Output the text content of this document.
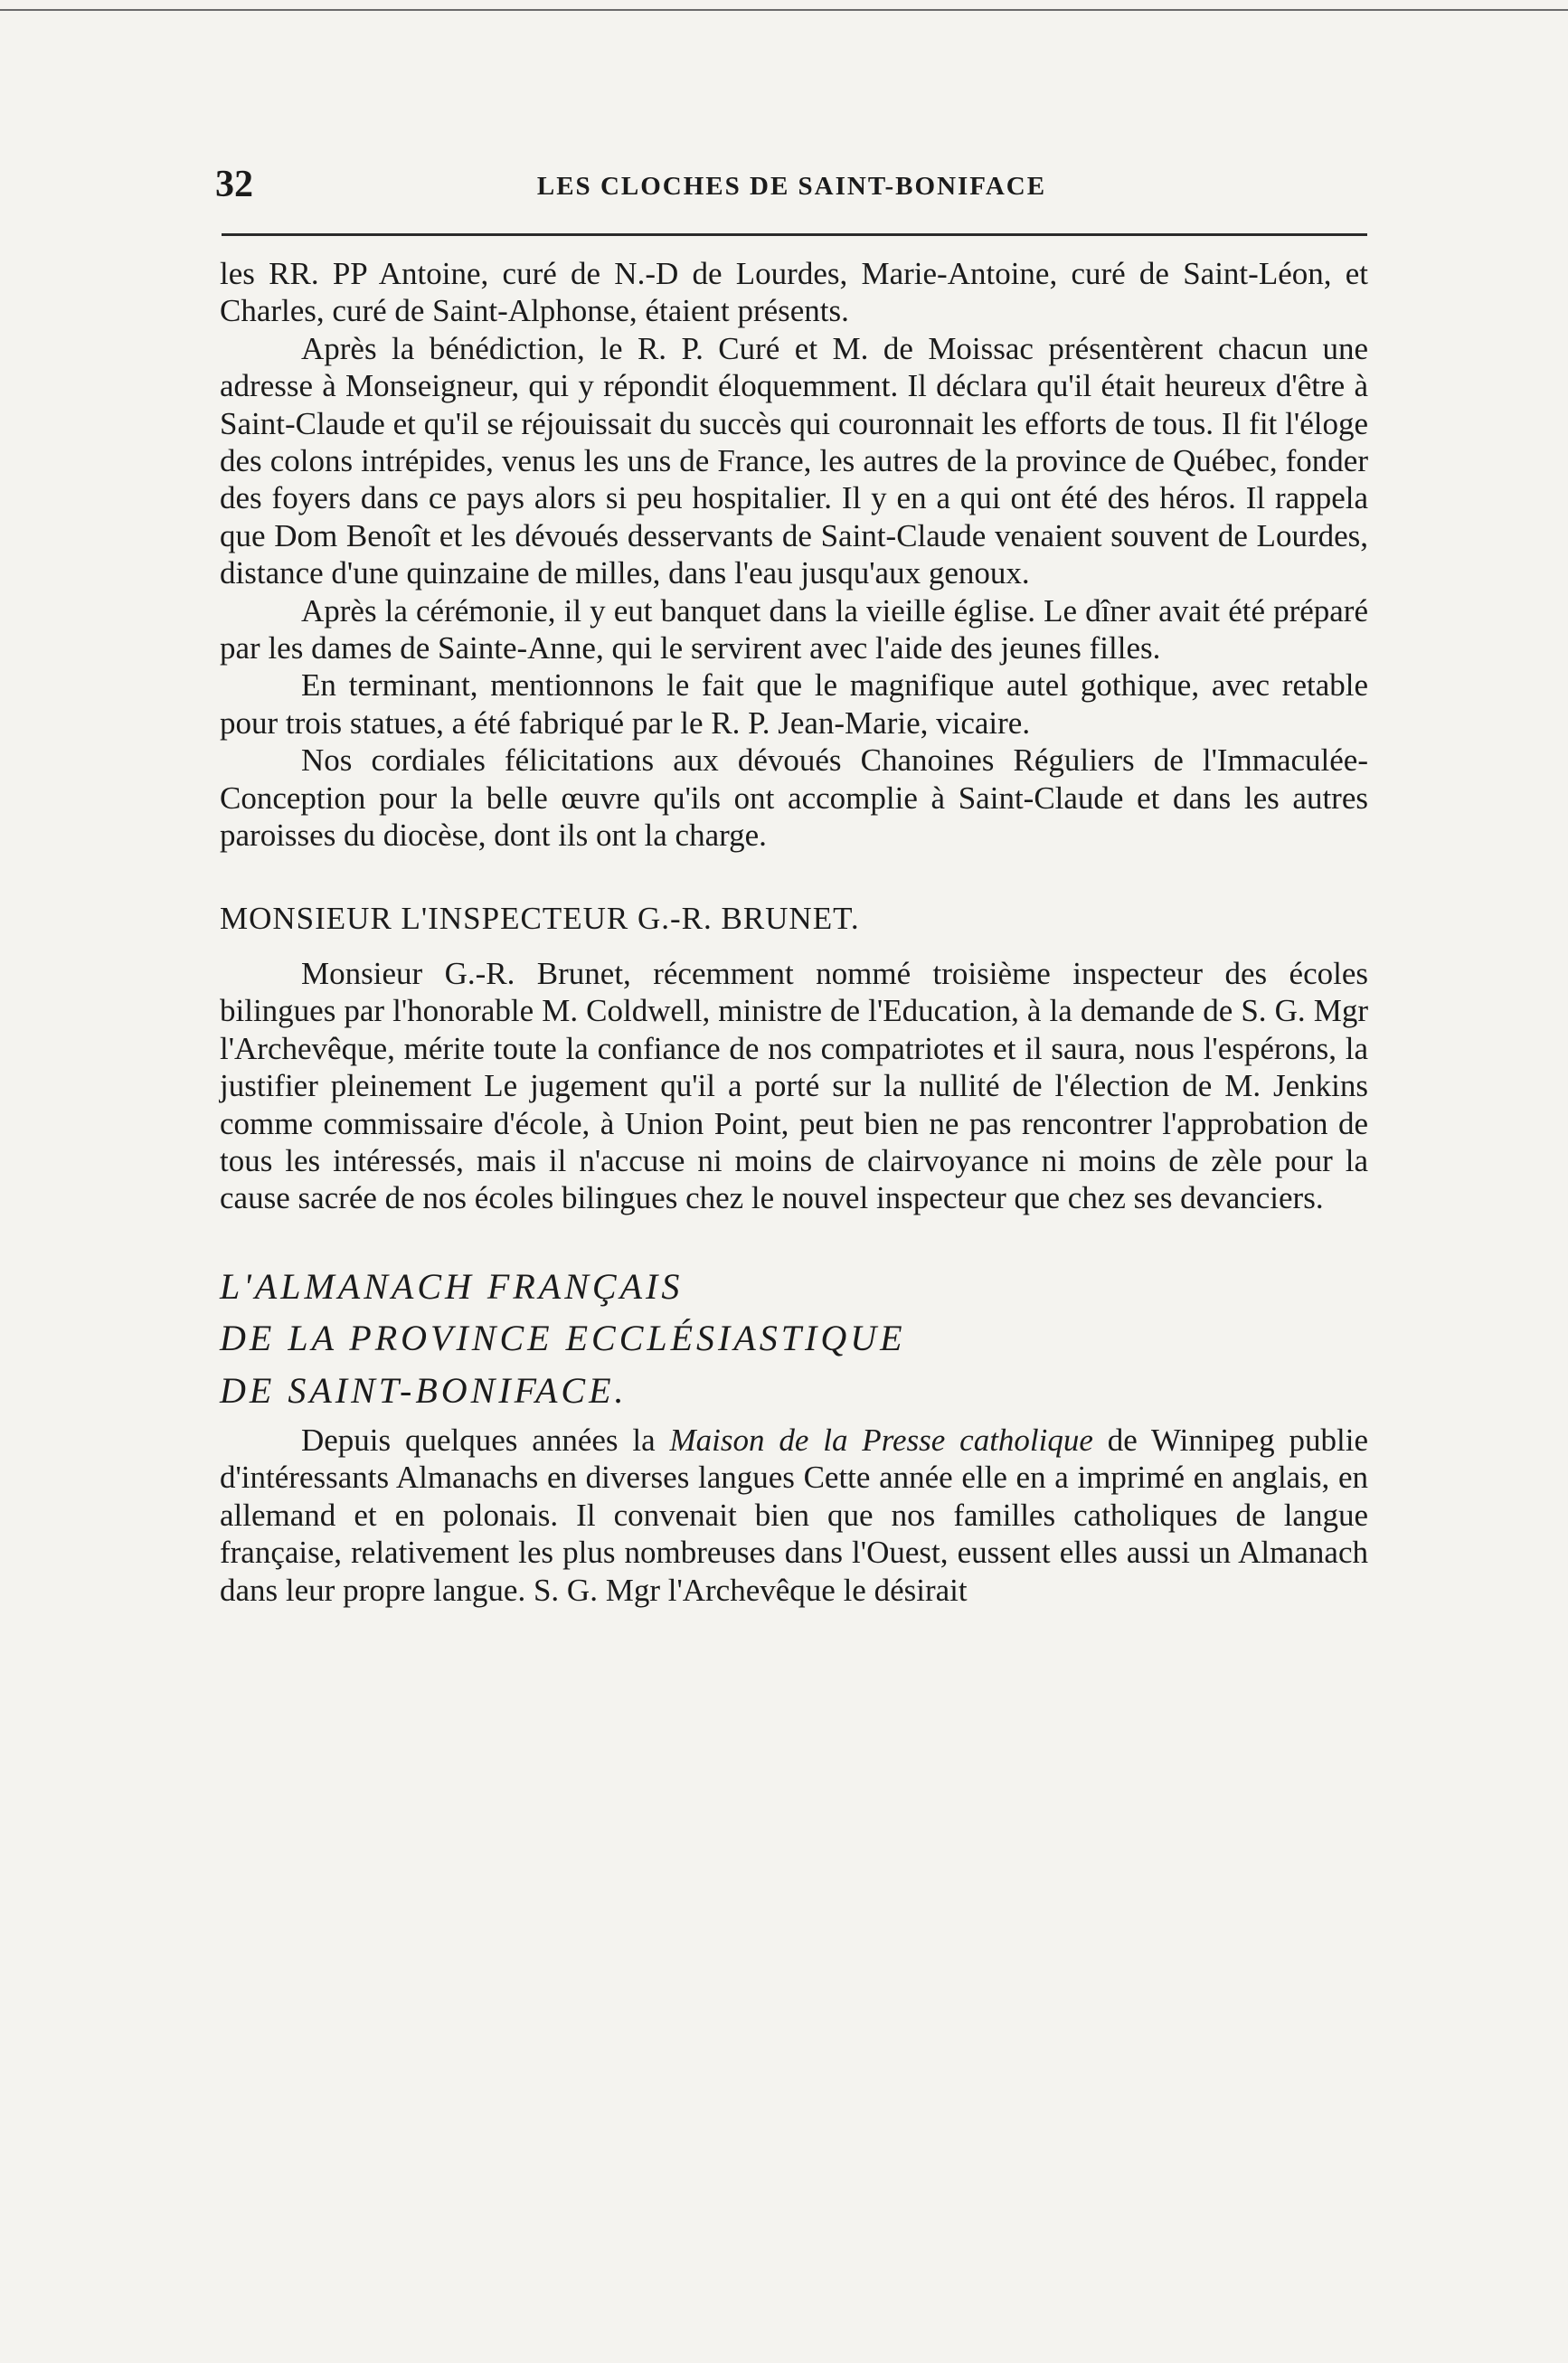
32	LES CLOCHES DE SAINT-BONIFACE

les RR. PP Antoine, curé de N.-D de Lourdes, Marie-Antoine, curé de Saint-Léon, et Charles, curé de Saint-Alphonse, étaient présents.

Après la bénédiction, le R. P. Curé et M. de Moissac présentèrent chacun une adresse à Monseigneur, qui y répondit éloquemment. Il déclara qu'il était heureux d'être à Saint-Claude et qu'il se réjouissait du succès qui couronnait les efforts de tous. Il fit l'éloge des colons intrépides, venus les uns de France, les autres de la province de Québec, fonder des foyers dans ce pays alors si peu hospitalier. Il y en a qui ont été des héros. Il rappela que Dom Benoît et les dévoués desservants de Saint-Claude venaient souvent de Lourdes, distance d'une quinzaine de milles, dans l'eau jusqu'aux genoux.

Après la cérémonie, il y eut banquet dans la vieille église. Le dîner avait été préparé par les dames de Sainte-Anne, qui le servirent avec l'aide des jeunes filles.

En terminant, mentionnons le fait que le magnifique autel gothique, avec retable pour trois statues, a été fabriqué par le R. P. Jean-Marie, vicaire.

Nos cordiales félicitations aux dévoués Chanoines Réguliers de l'Immaculée-Conception pour la belle œuvre qu'ils ont accomplie à Saint-Claude et dans les autres paroisses du diocèse, dont ils ont la charge.

MONSIEUR L'INSPECTEUR G.-R. BRUNET.

Monsieur G.-R. Brunet, récemment nommé troisième inspecteur des écoles bilingues par l'honorable M. Coldwell, ministre de l'Education, à la demande de S. G. Mgr l'Archevêque, mérite toute la confiance de nos compatriotes et il saura, nous l'espérons, la justifier pleinement Le jugement qu'il a porté sur la nullité de l'élection de M. Jenkins comme commissaire d'école, à Union Point, peut bien ne pas rencontrer l'approbation de tous les intéressés, mais il n'accuse ni moins de clairvoyance ni moins de zèle pour la cause sacrée de nos écoles bilingues chez le nouvel inspecteur que chez ses devanciers.

L'ALMANACH FRANÇAIS

DE LA PROVINCE ECCLÉSIASTIQUE

DE SAINT-BONIFACE.

Depuis quelques années la Maison de la Presse catholique de Winnipeg publie d'intéressants Almanachs en diverses langues Cette année elle en a imprimé en anglais, en allemand et en polonais. Il convenait bien que nos familles catholiques de langue française, relativement les plus nombreuses dans l'Ouest, eussent elles aussi un Almanach dans leur propre langue. S. G. Mgr l'Archevêque le désirait
